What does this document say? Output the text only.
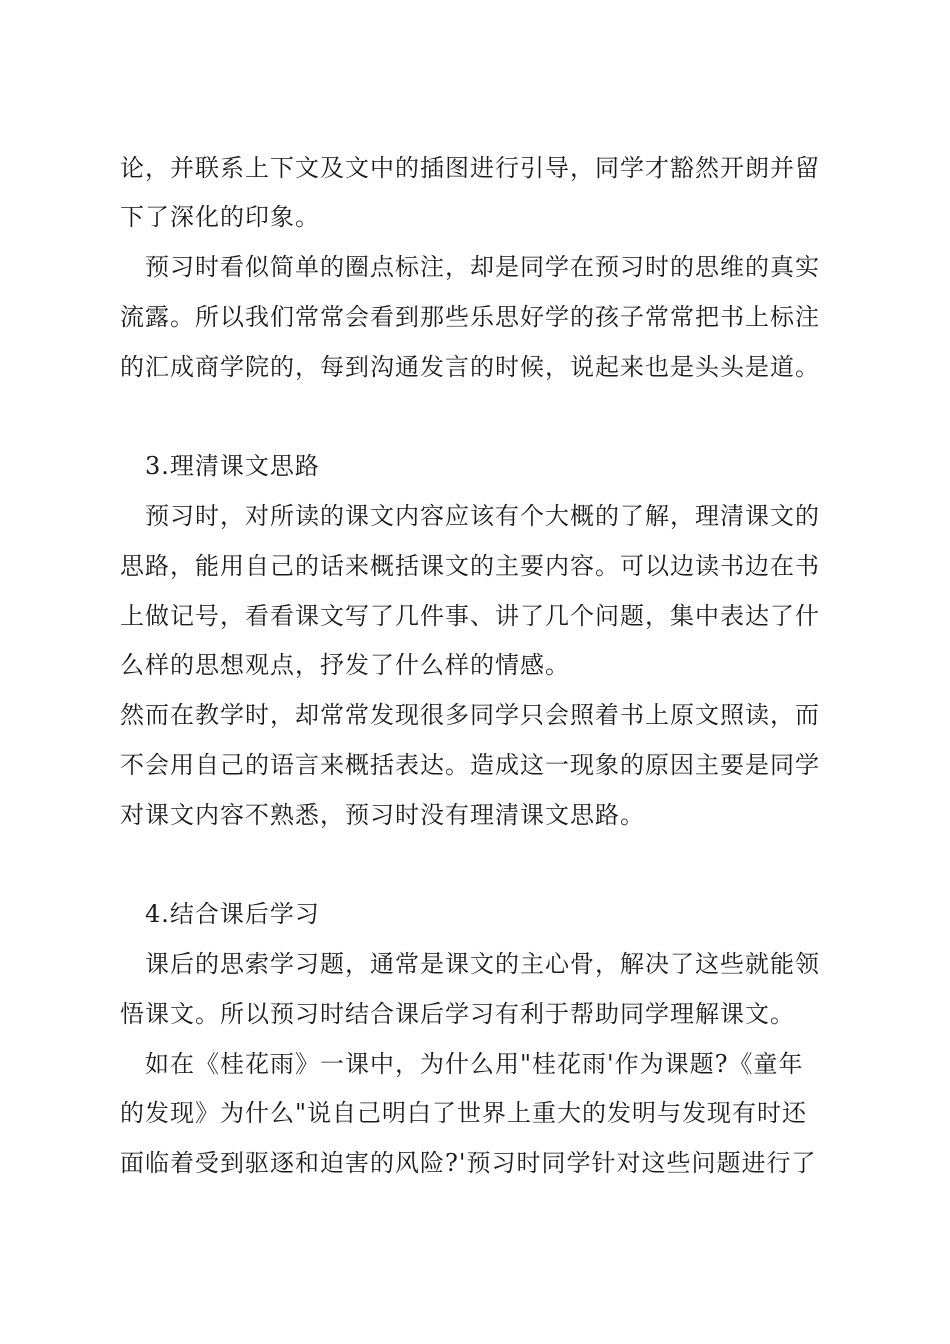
论，并联系上下文及文中的插图进行引导，同学才豁然开朗并留
下了深化的印象。
预习时看似简单的圈点标注，却是同学在预习时的思维的真实
流露。所以我们常常会看到那些乐思好学的孩子常常把书上标注
的汇成商学院的，每到沟通发言的时候，说起来也是头头是道。
3.理清课文思路
预习时，对所读的课文内容应该有个大概的了解，理清课文的
思路，能用自己的话来概括课文的主要内容。可以边读书边在书
上做记号，看看课文写了几件事、讲了几个问题，集中表达了什
么样的思想观点，抒发了什么样的情感。
然而在教学时，却常常发现很多同学只会照着书上原文照读，而
不会用自己的语言来概括表达。造成这一现象的原因主要是同学
对课文内容不熟悉，预习时没有理清课文思路。
4.结合课后学习
课后的思索学习题，通常是课文的主心骨，解决了这些就能领
悟课文。所以预习时结合课后学习有利于帮助同学理解课文。
如在《桂花雨》一课中，为什么用"桂花雨'作为课题?《童年
的发现》为什么"说自己明白了世界上重大的发明与发现有时还
面临着受到驱逐和迫害的风险?'预习时同学针对这些问题进行了
